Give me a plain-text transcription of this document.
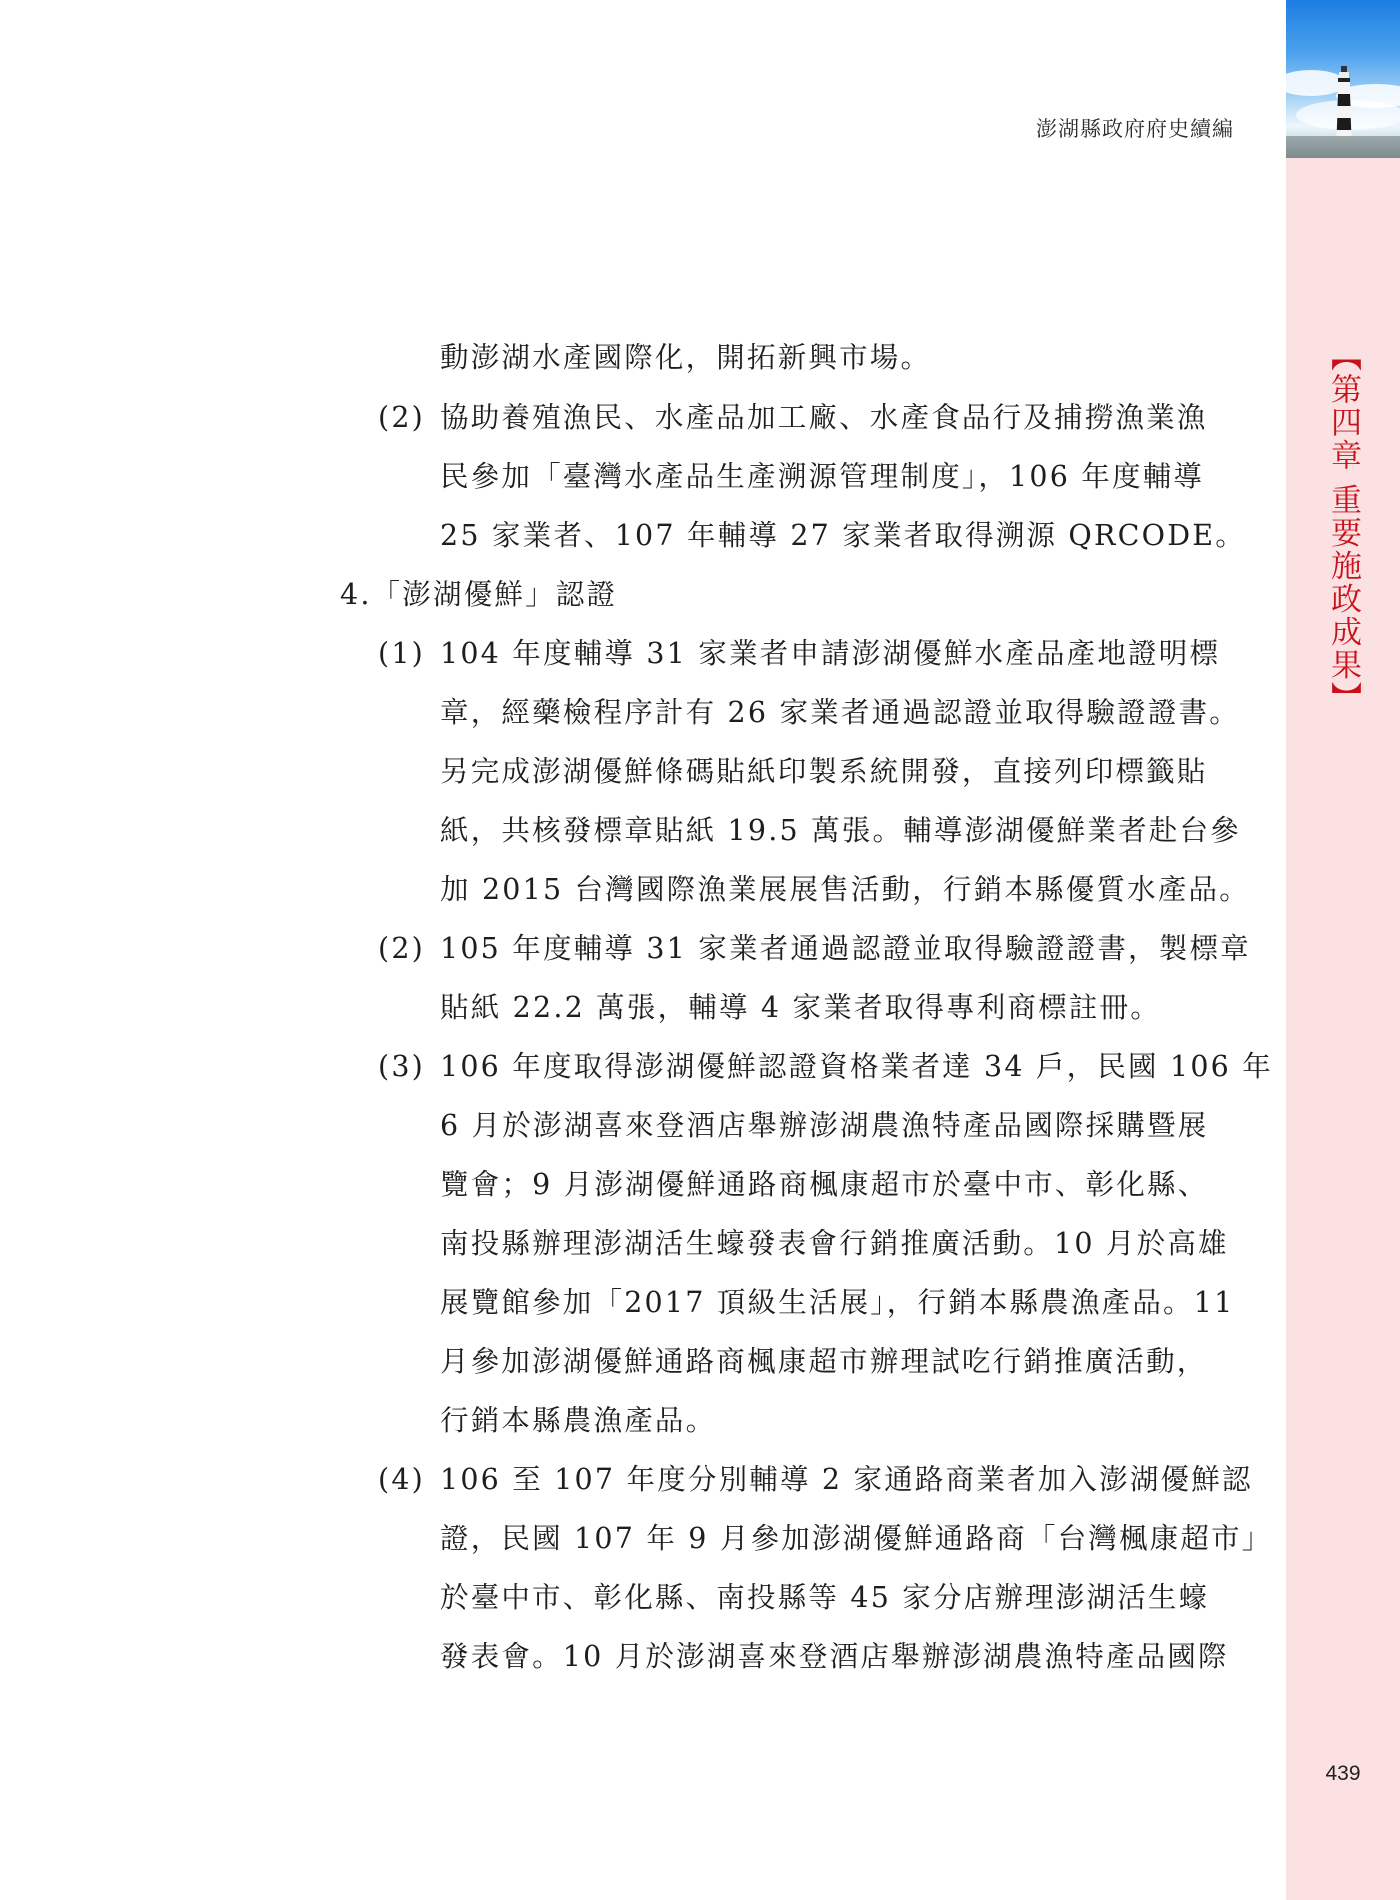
439
【第四章 重要施政成果】
澎湖縣政府府史續編
動澎湖水產國際化，開拓新興市場。
(2) 協助養殖漁民、水產品加工廠、水產食品行及捕撈漁業漁
民參加「臺灣水產品生產溯源管理制度」，106 年度輔導
25 家業者、107 年輔導 27 家業者取得溯源 QRCODE。
4.「澎湖優鮮」認證
(1) 104 年度輔導 31 家業者申請澎湖優鮮水產品產地證明標
章，經藥檢程序計有 26 家業者通過認證並取得驗證證書。
另完成澎湖優鮮條碼貼紙印製系統開發，直接列印標籤貼
紙，共核發標章貼紙 19.5 萬張。輔導澎湖優鮮業者赴台參
加 2015 台灣國際漁業展展售活動，行銷本縣優質水產品。
(2) 105 年度輔導 31 家業者通過認證並取得驗證證書，製標章
貼紙 22.2 萬張，輔導 4 家業者取得專利商標註冊。
(3) 106 年度取得澎湖優鮮認證資格業者達 34 戶，民國 106 年
6 月於澎湖喜來登酒店舉辦澎湖農漁特產品國際採購暨展
覽會；9 月澎湖優鮮通路商楓康超市於臺中市、彰化縣、
南投縣辦理澎湖活生蠔發表會行銷推廣活動。10 月於高雄
展覽館參加「2017 頂級生活展」，行銷本縣農漁產品。11
月參加澎湖優鮮通路商楓康超市辦理試吃行銷推廣活動，
行銷本縣農漁產品。
(4) 106 至 107 年度分別輔導 2 家通路商業者加入澎湖優鮮認
證，民國 107 年 9 月參加澎湖優鮮通路商「台灣楓康超市」
於臺中市、彰化縣、南投縣等 45 家分店辦理澎湖活生蠔
發表會。10 月於澎湖喜來登酒店舉辦澎湖農漁特產品國際
